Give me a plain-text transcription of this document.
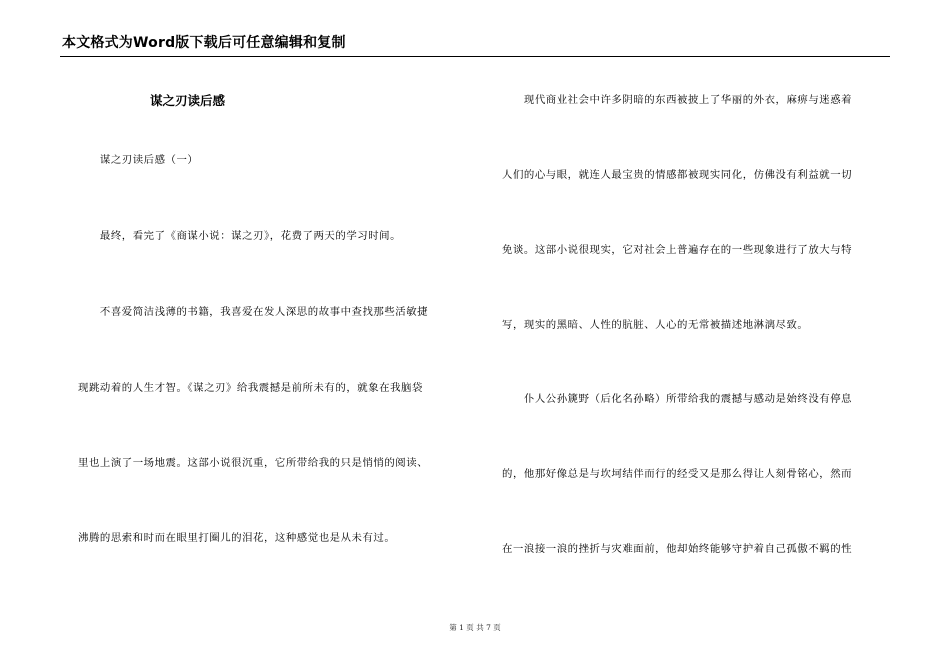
本文格式为Word版下载后可任意编辑和复制
谋之刃读后感
　　谋之刃读后感（一）
　　最终，看完了《商谋小说：谋之刃》，花费了两天的学习时间。
　　不喜爱简洁浅薄的书籍，我喜爱在发人深思的故事中查找那些活敏捷
现跳动着的人生才智。《谋之刃》给我震撼是前所未有的，就象在我脑袋
里也上演了一场地震。这部小说很沉重，它所带给我的只是悄悄的阅读、
沸腾的思索和时而在眼里打圈儿的泪花，这种感觉也是从未有过。
　　现代商业社会中许多阴暗的东西被披上了华丽的外衣，麻痹与迷惑着
人们的心与眼，就连人最宝贵的情感都被现实同化，仿佛没有利益就一切
免谈。这部小说很现实，它对社会上普遍存在的一些现象进行了放大与特
写，现实的黑暗、人性的肮脏、人心的无常被描述地淋漓尽致。
　　仆人公孙篪野（后化名孙略）所带给我的震撼与感动是始终没有停息
的，他那好像总是与坎坷结伴而行的经受又是那么得让人刻骨铭心，然而
在一浪接一浪的挫折与灾难面前，他却始终能够守护着自己孤傲不羁的性
第 1 页 共 7 页
